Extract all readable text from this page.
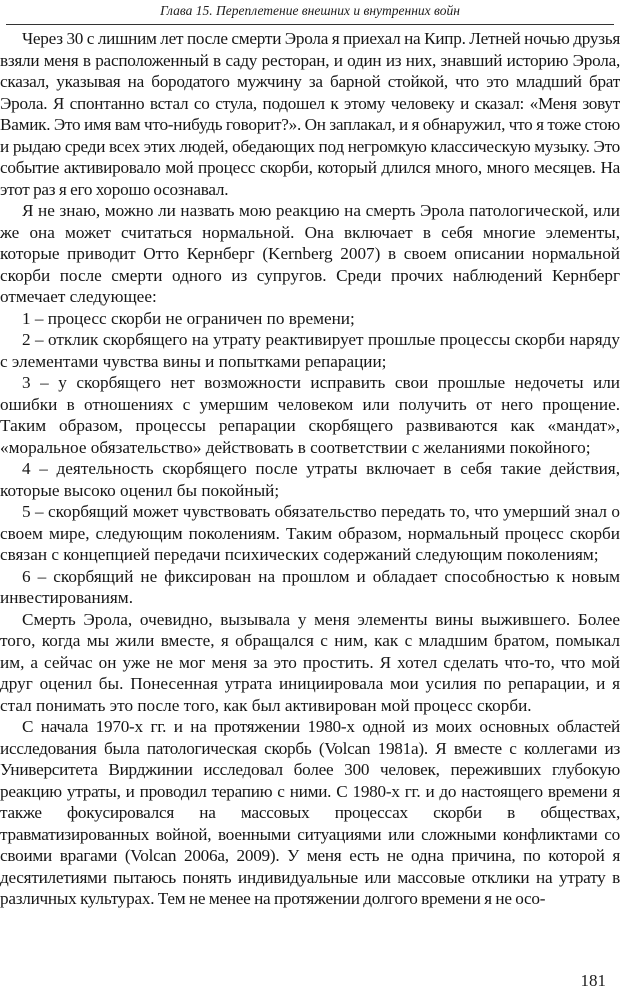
Глава 15. Переплетение внешних и внутренних войн

Через 30 с лишним лет после смерти Эрола я приехал на Кипр. Летней ночью друзья взяли меня в расположенный в саду ресторан, и один из них, знавший историю Эрола, сказал, указывая на бородатого мужчину за барной стойкой, что это младший брат Эрола. Я спонтанно встал со стула, подошел к этому человеку и сказал: «Меня зовут Вамик. Это имя вам что-нибудь говорит?». Он заплакал, и я обнаружил, что я тоже стою и рыдаю среди всех этих людей, обедающих под негромкую классическую музыку. Это событие активировало мой процесс скорби, который длился много, много месяцев. На этот раз я его хорошо осознавал.

Я не знаю, можно ли назвать мою реакцию на смерть Эрола патологической, или же она может считаться нормальной. Она включает в себя многие элементы, которые приводит Отто Кернберг (Kernberg 2007) в своем описании нормальной скорби после смерти одного из супругов. Среди прочих наблюдений Кернберг отмечает следующее:

1 – процесс скорби не ограничен по времени;

2 – отклик скорбящего на утрату реактивирует прошлые процессы скорби наряду с элементами чувства вины и попытками репарации;

3 – у скорбящего нет возможности исправить свои прошлые недочеты или ошибки в отношениях с умершим человеком или получить от него прощение. Таким образом, процессы репарации скорбящего развиваются как «мандат», «моральное обязательство» действовать в соответствии с желаниями покойного;

4 – деятельность скорбящего после утраты включает в себя такие действия, которые высоко оценил бы покойный;

5 – скорбящий может чувствовать обязательство передать то, что умерший знал о своем мире, следующим поколениям. Таким образом, нормальный процесс скорби связан с концепцией передачи психических содержаний следующим поколениям;

6 – скорбящий не фиксирован на прошлом и обладает способностью к новым инвестированиям.

Смерть Эрола, очевидно, вызывала у меня элементы вины выжившего. Более того, когда мы жили вместе, я обращался с ним, как с младшим братом, помыкал им, а сейчас он уже не мог меня за это простить. Я хотел сделать что-то, что мой друг оценил бы. Понесенная утрата инициировала мои усилия по репарации, и я стал понимать это после того, как был активирован мой процесс скорби.

С начала 1970-х гг. и на протяжении 1980-х одной из моих основных областей исследования была патологическая скорбь (Volcan 1981a). Я вместе с коллегами из Университета Вирджинии исследовал более 300 человек, переживших глубокую реакцию утраты, и проводил терапию с ними. С 1980-х гг. и до настоящего времени я также фокусировался на массовых процессах скорби в обществах, травматизированных войной, военными ситуациями или сложными конфликтами со своими врагами (Volcan 2006a, 2009). У меня есть не одна причина, по которой я десятилетиями пытаюсь понять индивидуальные или массовые отклики на утрату в различных культурах. Тем не менее на протяжении долгого времени я не осо-

181
